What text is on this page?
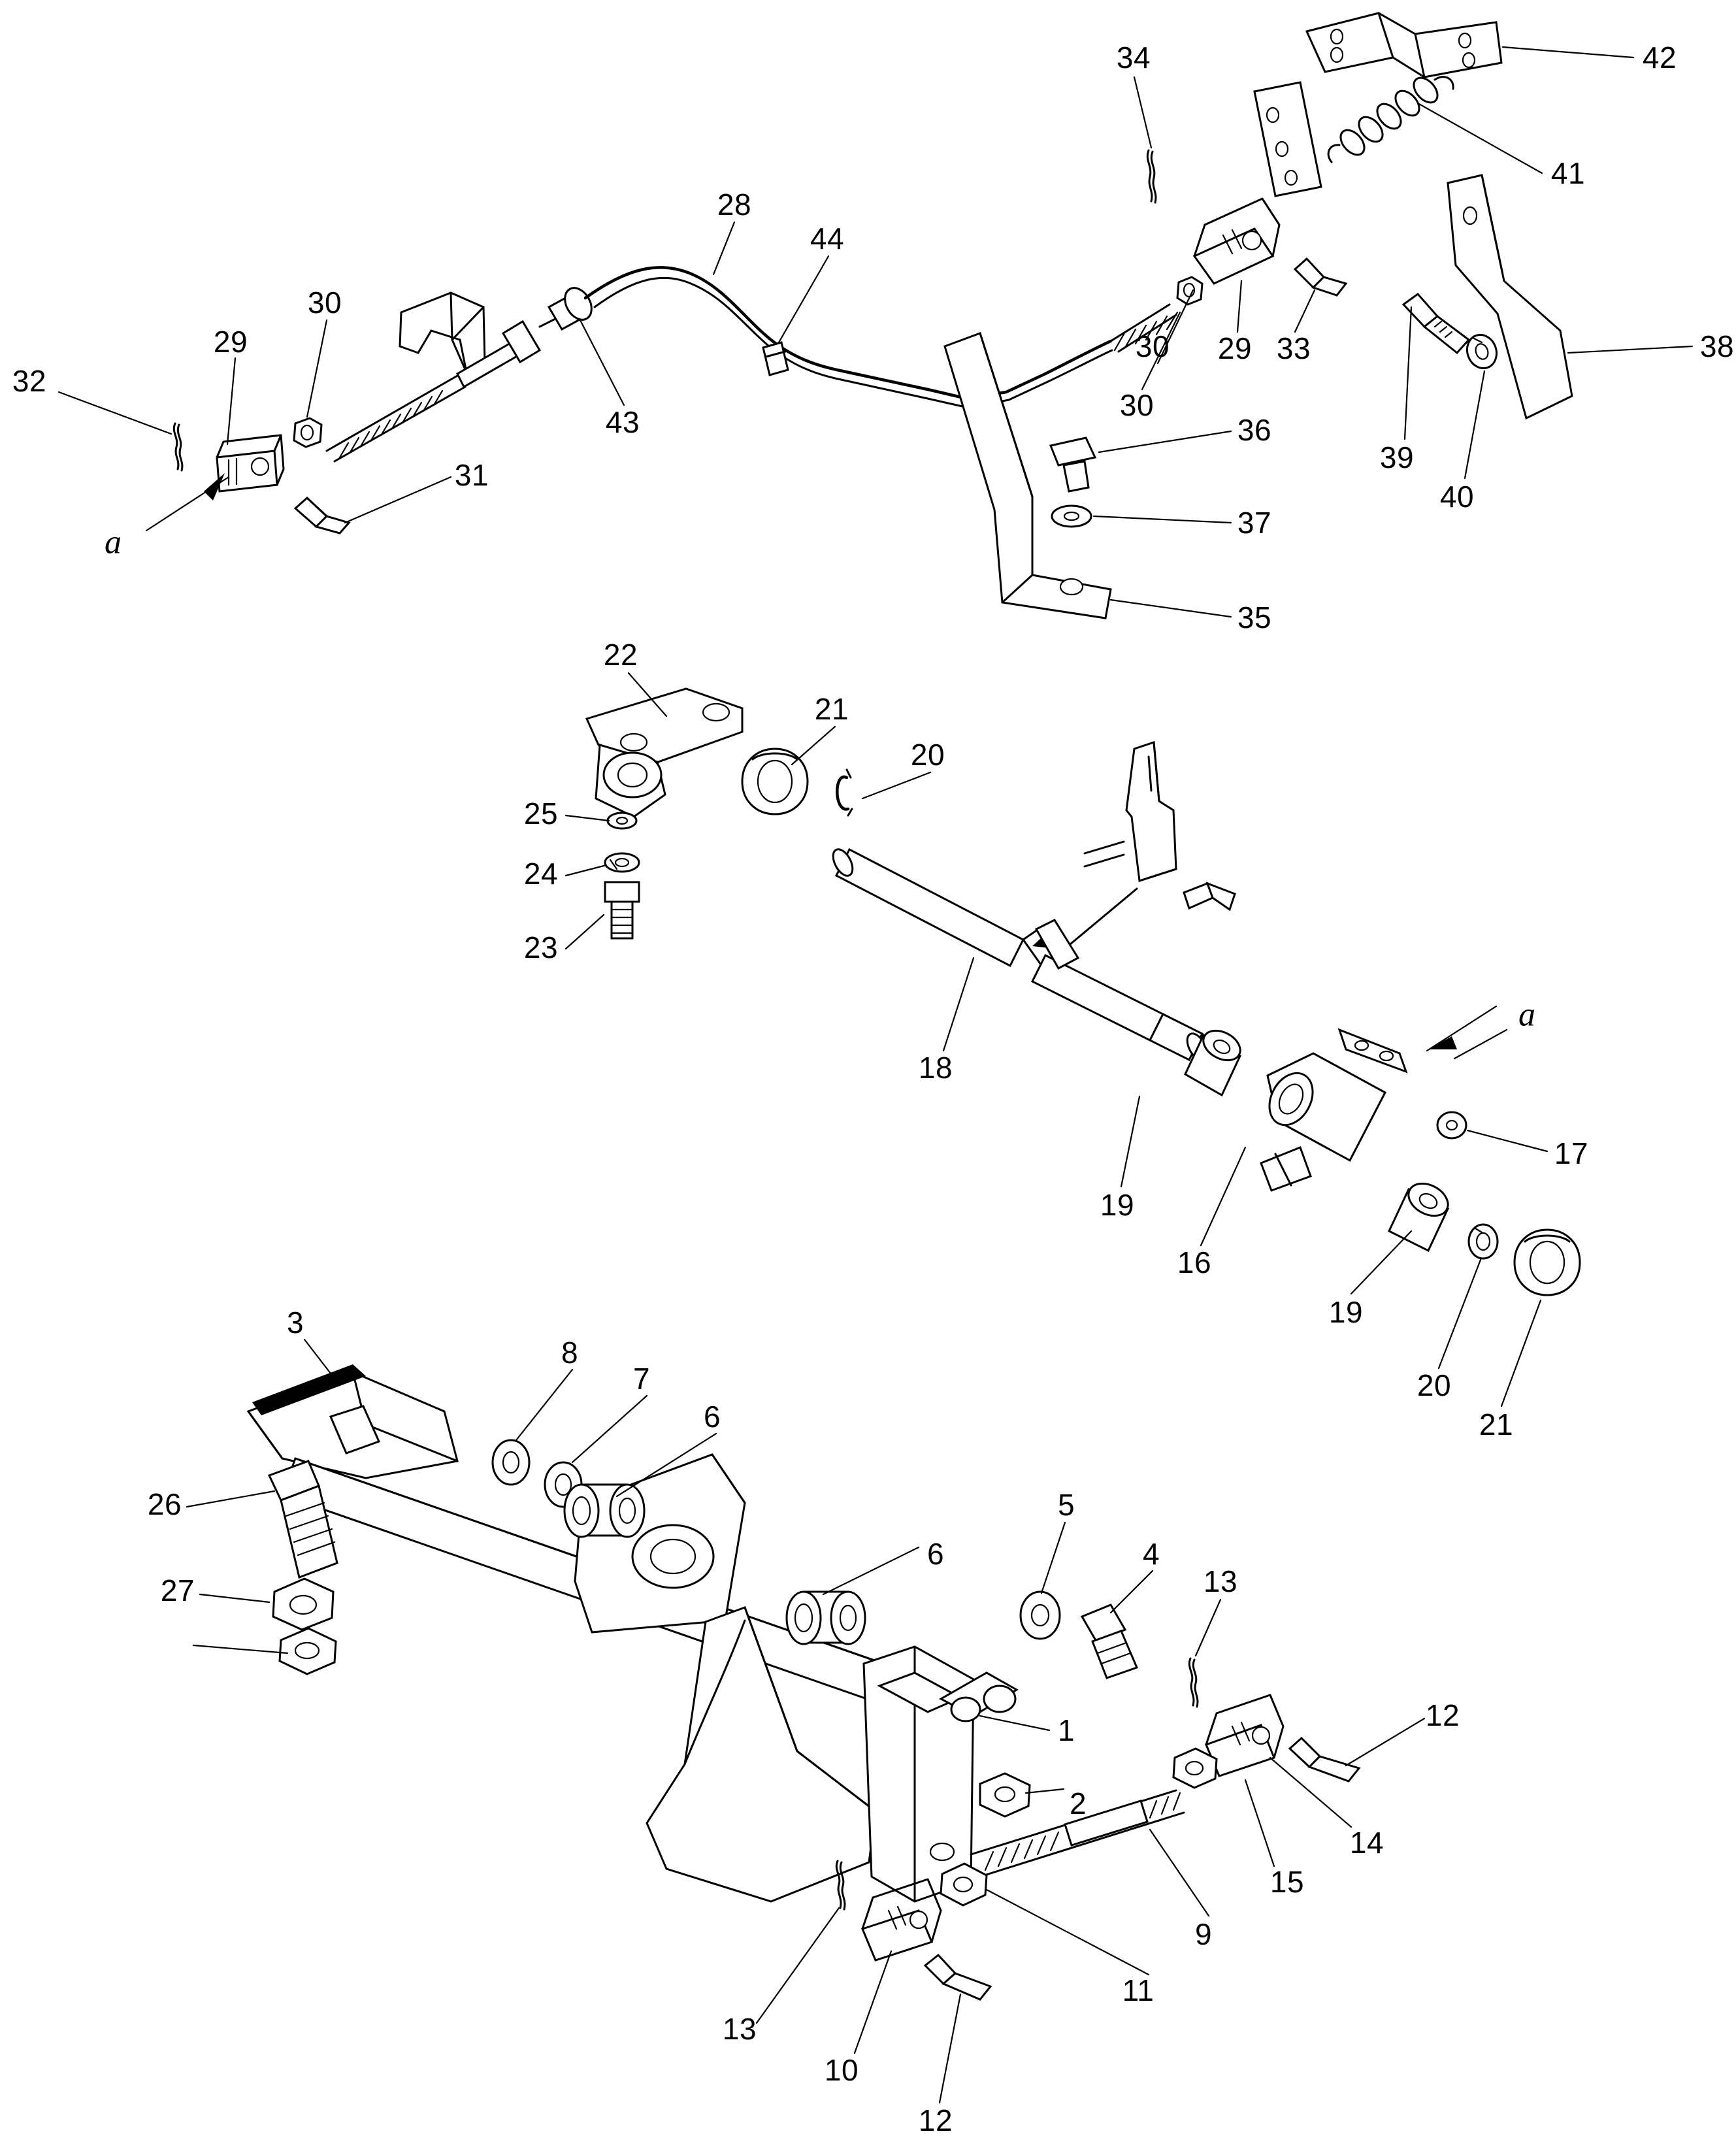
a
a
32
29
30
31
28
44
43
34
30
30
29 33
42
41
38
39
40
36
37
35
22
21
20
25
24
23
18
19
16
17
19
20
21
3
8
7
6
26
27
6
5
4
13
12
14
15
9
1
2
11
13
10
12
